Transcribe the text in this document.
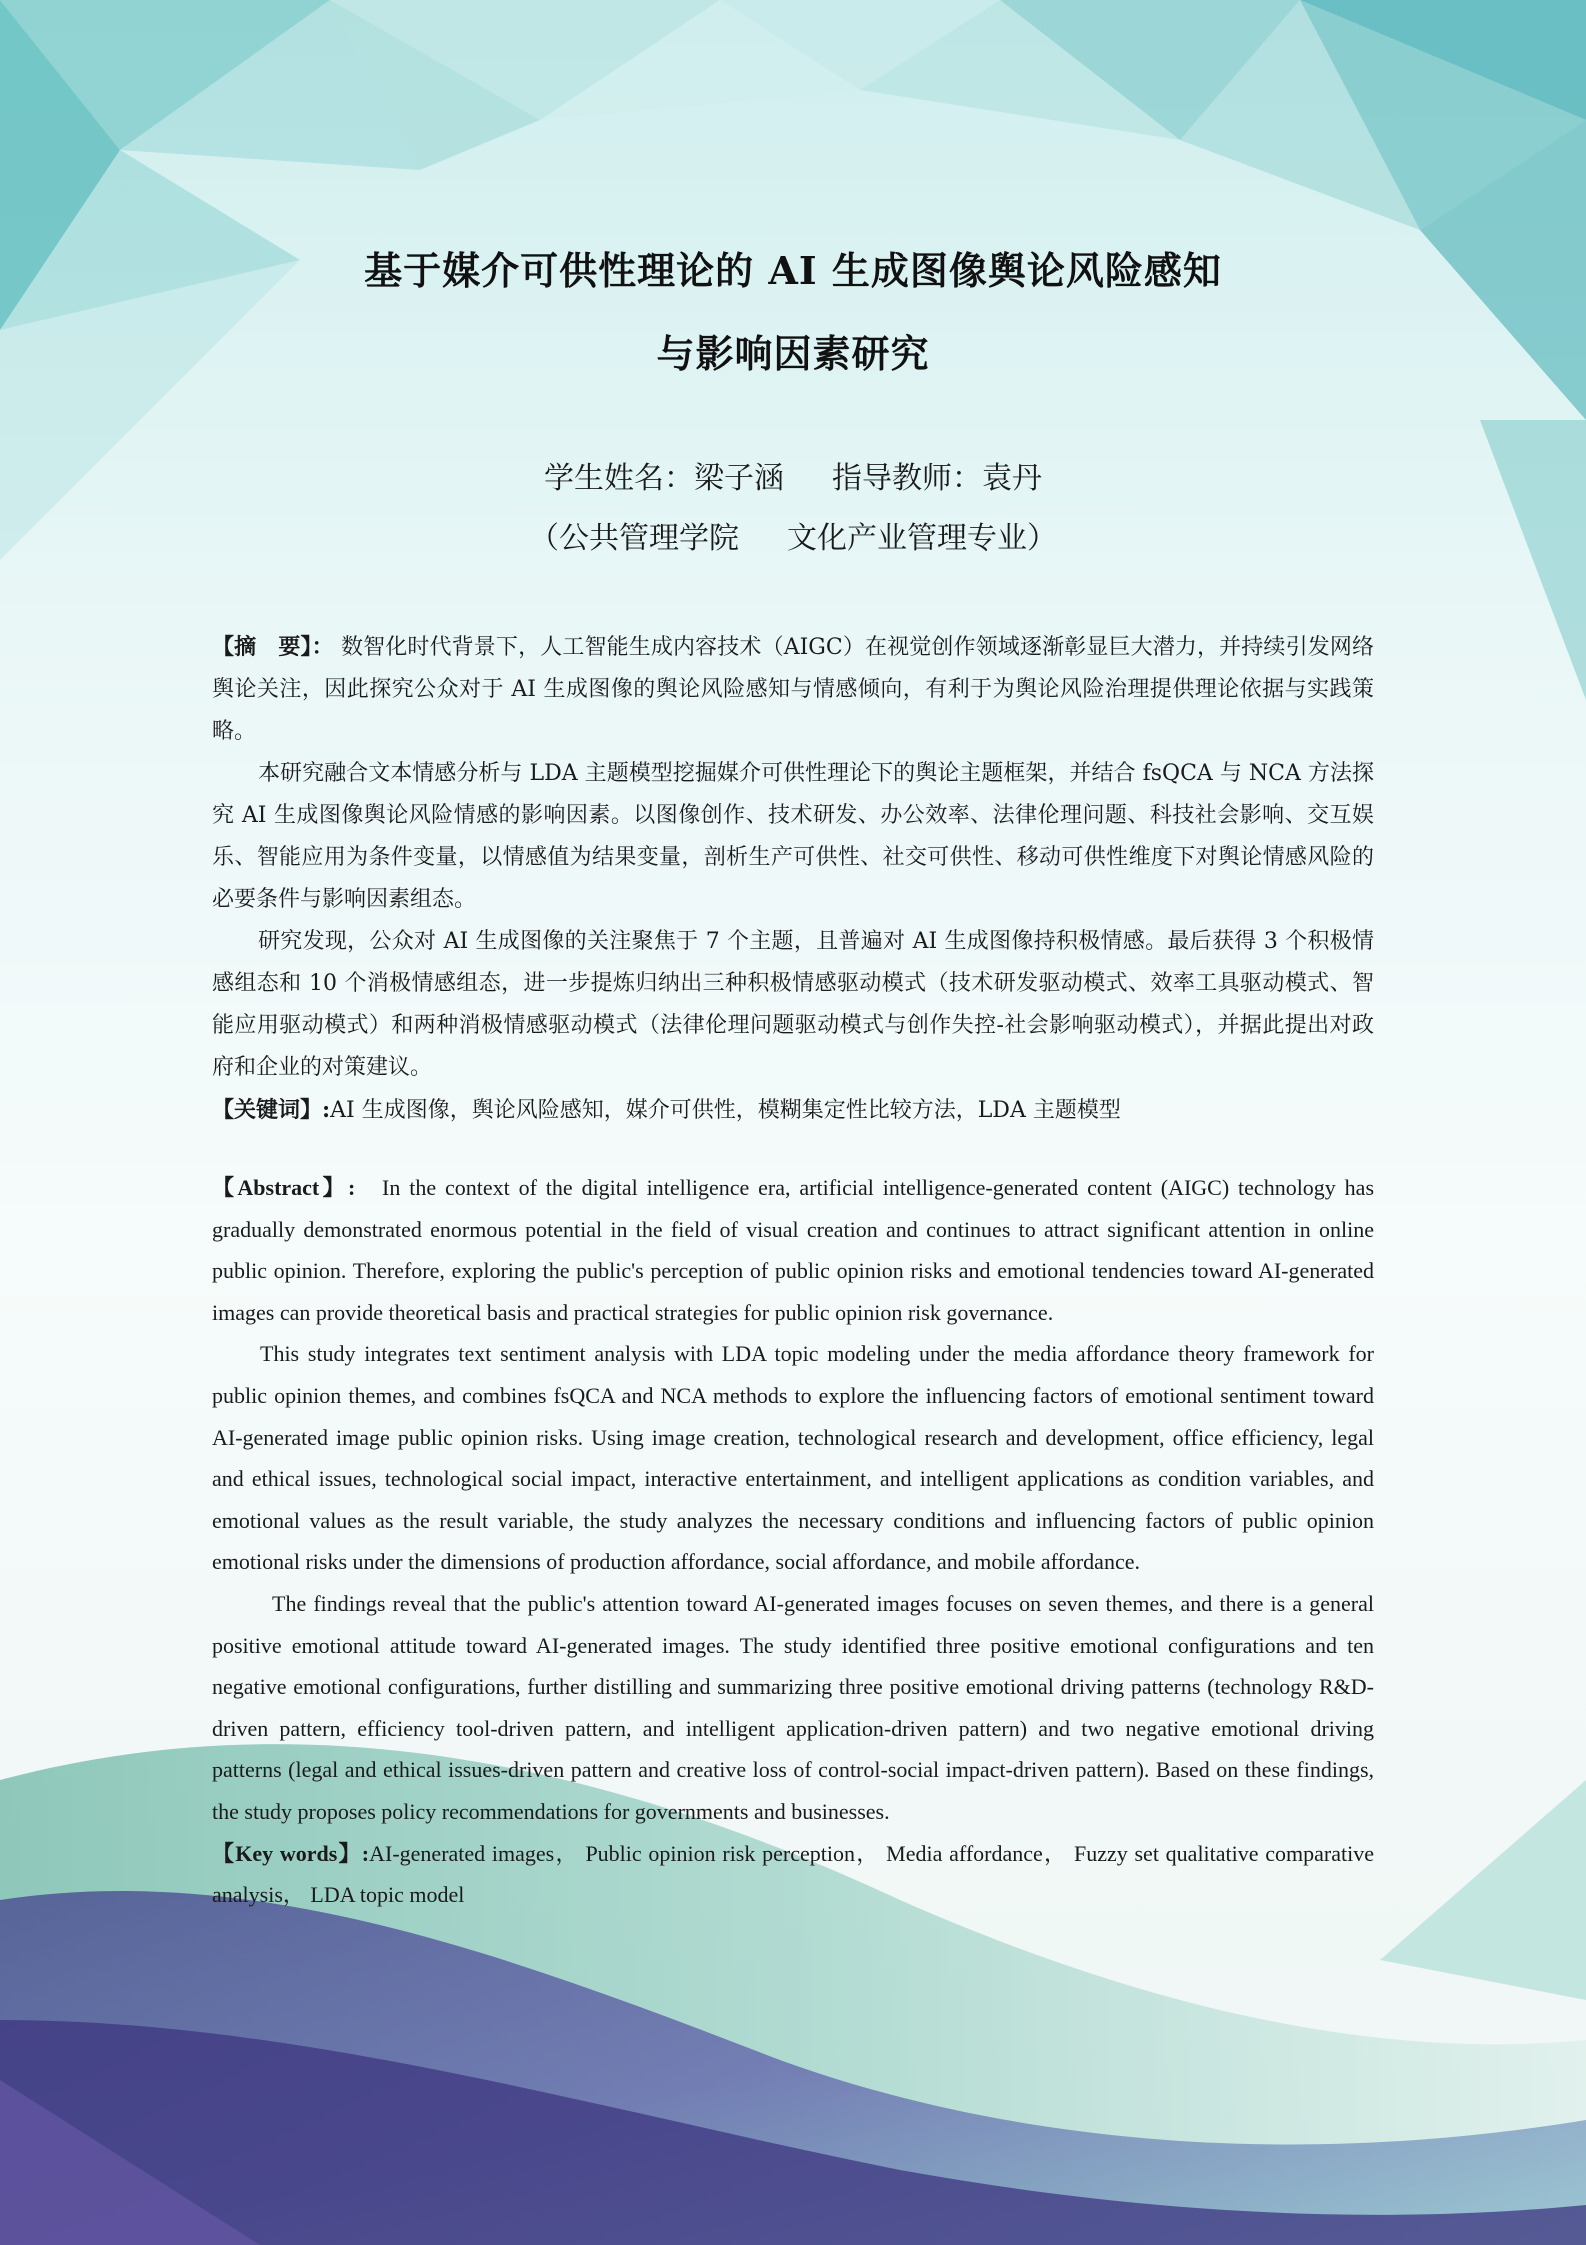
基于媒介可供性理论的 AI 生成图像舆论风险感知
与影响因素研究
学生姓名：梁子涵 指导教师：袁丹
（公共管理学院 文化产业管理专业）

【摘　要】： 数智化时代背景下，人工智能生成内容技术（AIGC）在视觉创作领域逐渐彰显巨大潜力，并持续引发网络舆论关注，因此探究公众对于 AI 生成图像的舆论风险感知与情感倾向，有利于为舆论风险治理提供理论依据与实践策略。

本研究融合文本情感分析与 LDA 主题模型挖掘媒介可供性理论下的舆论主题框架，并结合 fsQCA 与 NCA 方法探究 AI 生成图像舆论风险情感的影响因素。以图像创作、技术研发、办公效率、法律伦理问题、科技社会影响、交互娱乐、智能应用为条件变量，以情感值为结果变量，剖析生产可供性、社交可供性、移动可供性维度下对舆论情感风险的必要条件与影响因素组态。

研究发现，公众对 AI 生成图像的关注聚焦于 7 个主题，且普遍对 AI 生成图像持积极情感。最后获得 3 个积极情感组态和 10 个消极情感组态，进一步提炼归纳出三种积极情感驱动模式（技术研发驱动模式、效率工具驱动模式、智能应用驱动模式）和两种消极情感驱动模式（法律伦理问题驱动模式与创作失控-社会影响驱动模式），并据此提出对政府和企业的对策建议。

【关键词】:AI 生成图像，舆论风险感知，媒介可供性，模糊集定性比较方法，LDA 主题模型

【Abstract】: In the context of the digital intelligence era, artificial intelligence-generated content (AIGC) technology has gradually demonstrated enormous potential in the field of visual creation and continues to attract significant attention in online public opinion. Therefore, exploring the public's perception of public opinion risks and emotional tendencies toward AI-generated images can provide theoretical basis and practical strategies for public opinion risk governance.

This study integrates text sentiment analysis with LDA topic modeling under the media affordance theory framework for public opinion themes, and combines fsQCA and NCA methods to explore the influencing factors of emotional sentiment toward AI-generated image public opinion risks. Using image creation, technological research and development, office efficiency, legal and ethical issues, technological social impact, interactive entertainment, and intelligent applications as condition variables, and emotional values as the result variable, the study analyzes the necessary conditions and influencing factors of public opinion emotional risks under the dimensions of production affordance, social affordance, and mobile affordance.

The findings reveal that the public's attention toward AI-generated images focuses on seven themes, and there is a general positive emotional attitude toward AI-generated images. The study identified three positive emotional configurations and ten negative emotional configurations, further distilling and summarizing three positive emotional driving patterns (technology R&D-driven pattern, efficiency tool-driven pattern, and intelligent application-driven pattern) and two negative emotional driving patterns (legal and ethical issues-driven pattern and creative loss of control-social impact-driven pattern). Based on these findings, the study proposes policy recommendations for governments and businesses.

【Key words】:AI-generated images， Public opinion risk perception， Media affordance， Fuzzy set qualitative comparative analysis， LDA topic model
